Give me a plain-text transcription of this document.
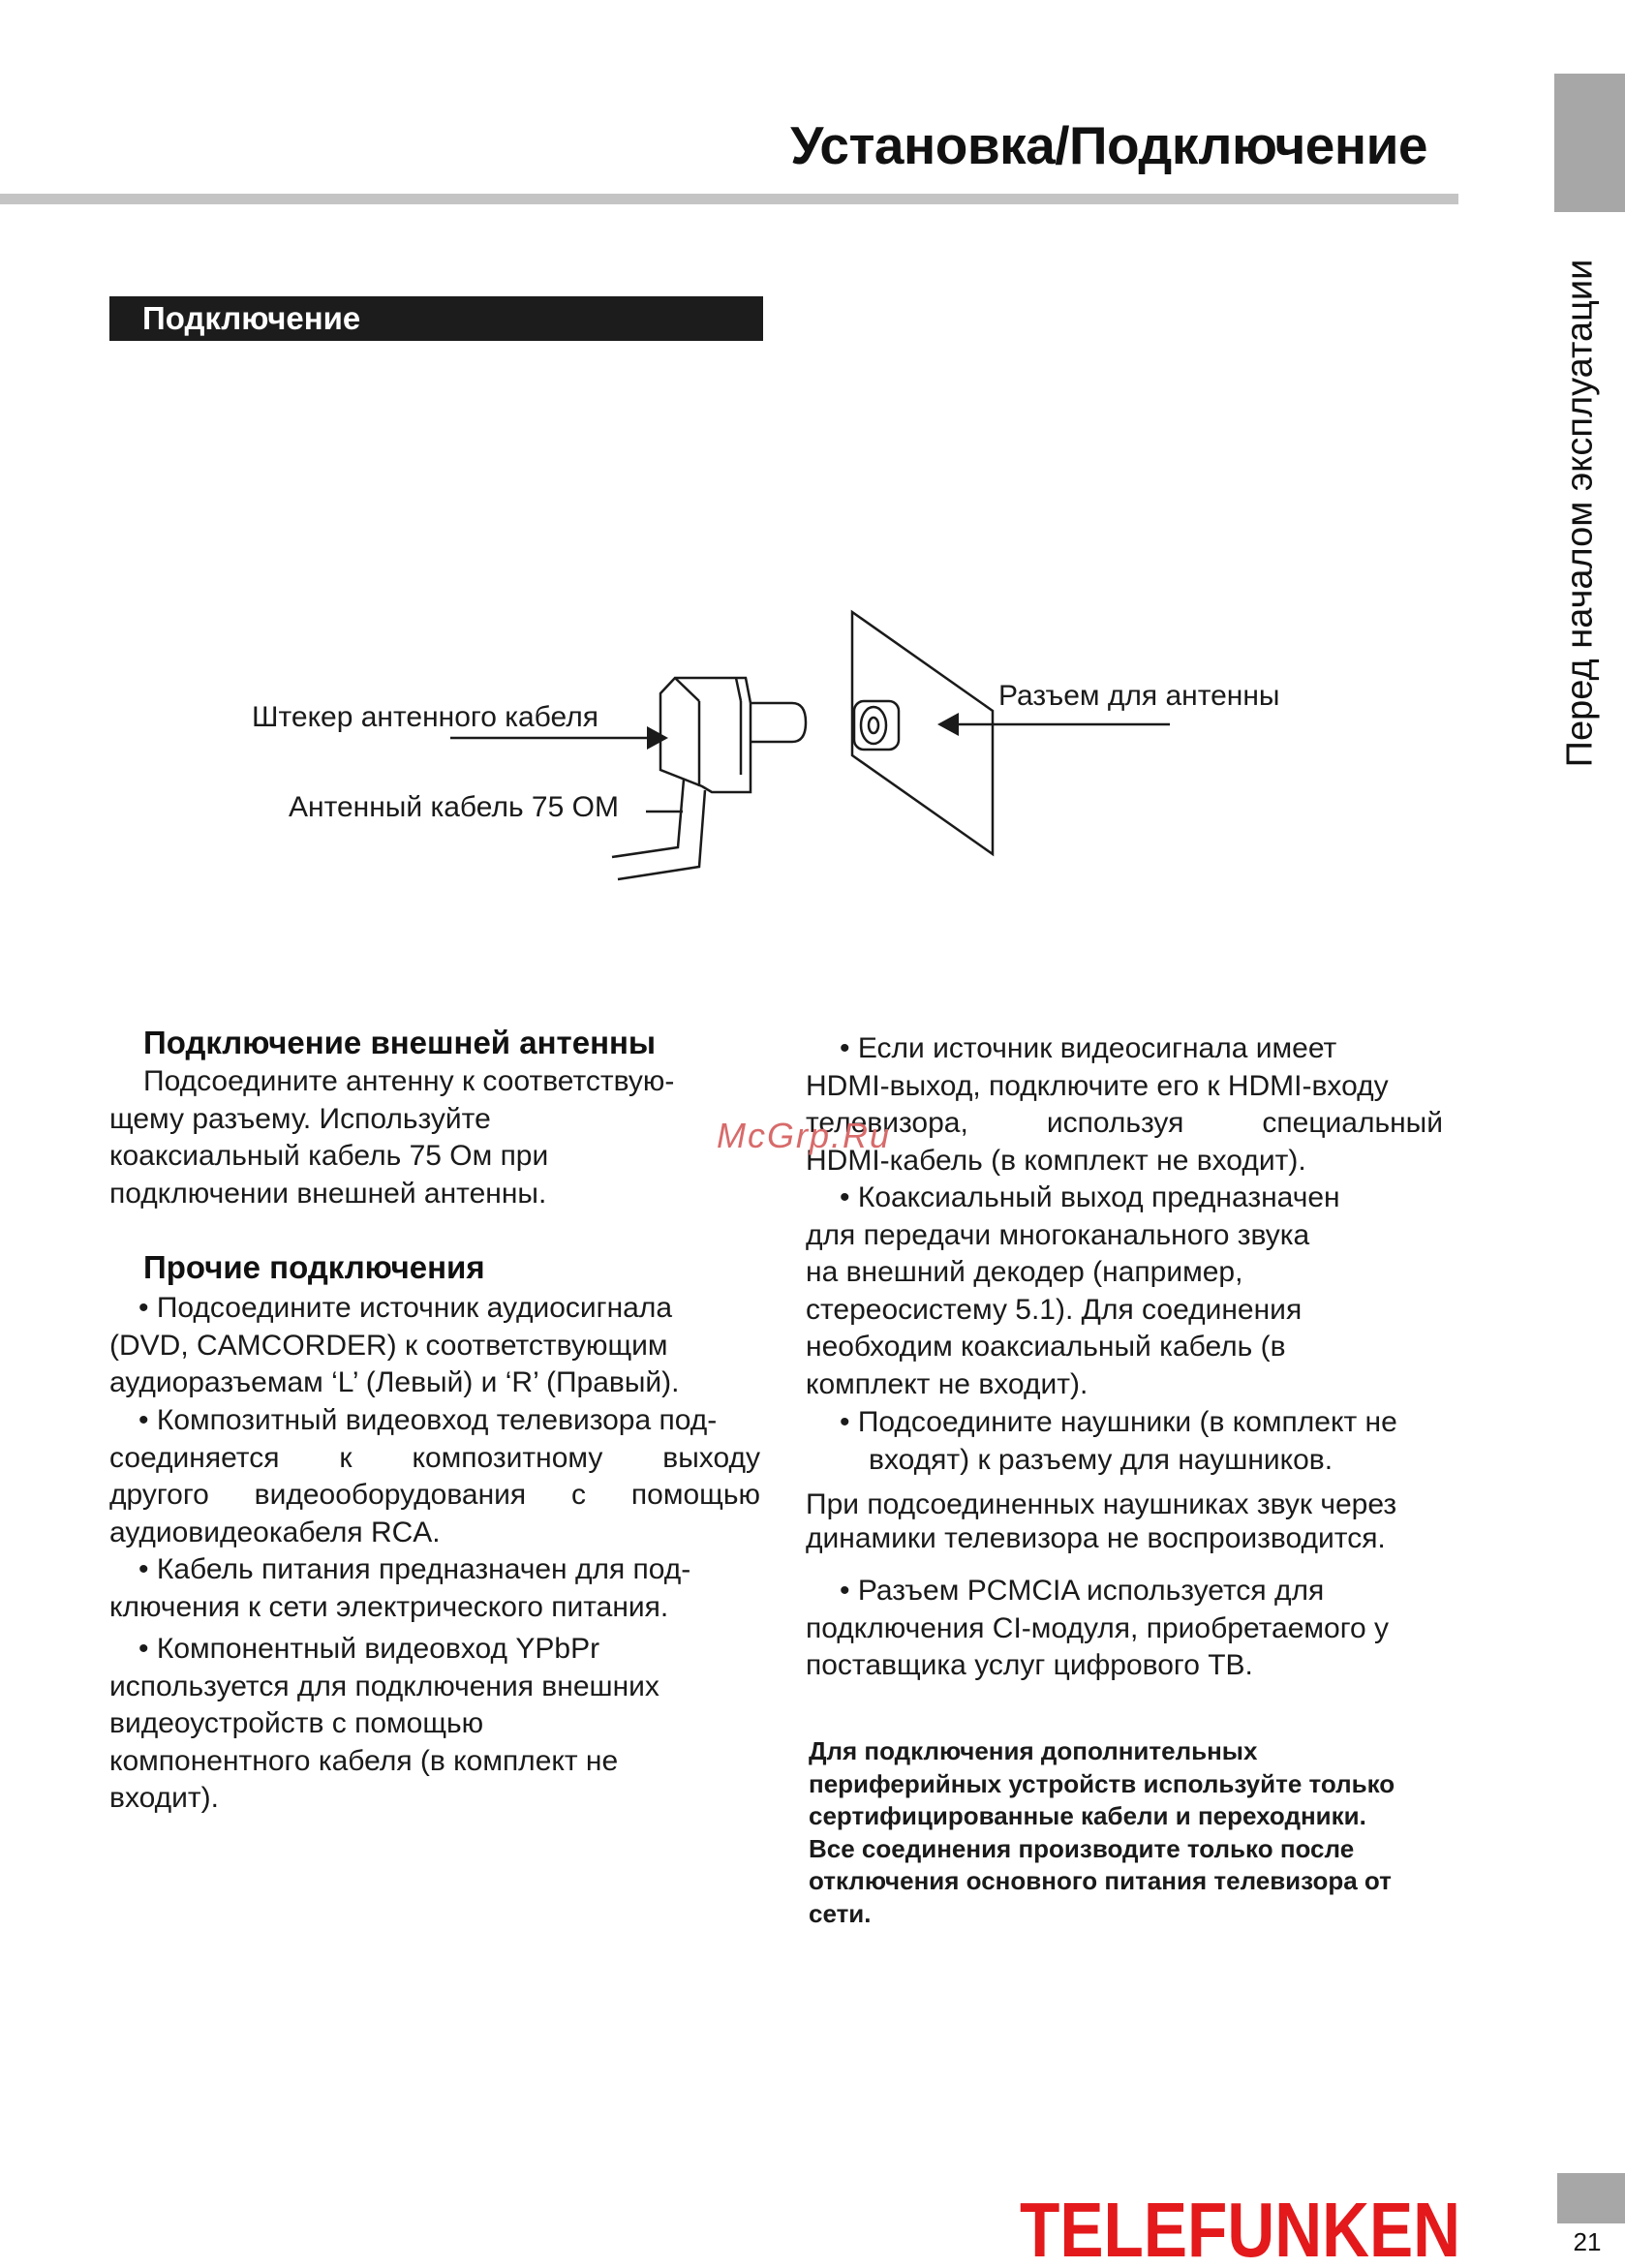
Установка/Подключение
Перед началом эксплуатации
Подключение
Штекер антенного кабеля
Антенный кабель 75 ОМ
Разъем для антенны
Подключение внешней антенны

Подсоедините антенну к соответствую-

щему разъему. Используйте

коаксиальный кабель 75 Ом при

подключении внешней антенны.

Прочие подключения

• Подсоедините источник аудиосигнала

(DVD, CAMCORDER) к соответствующим

аудиоразъемам ‘L’ (Левый) и ‘R’ (Правый).

• Композитный видеовход телевизора под-

соединяется к композитному выходу

другого видеооборудования с помощью

аудиовидеокабеля RCA.

• Кабель питания предназначен для под-

ключения к сети электрического питания.

• Компонентный видеовход YPbPr

используется для подключения внешних

видеоустройств с помощью

компонентного кабеля (в комплект не

входит).

• Если источник видеосигнала имеет

HDMI-выход, подключите его к HDMI-входу

телевизора, используя специальный

HDMI-кабель (в комплект не входит).

• Коаксиальный выход предназначен

для передачи многоканального звука

на внешний декодер (например,

стереосистему 5.1). Для соединения

необходим коаксиальный кабель (в

комплект не входит).

• Подсоедините наушники (в комплект не

входят) к разъему для наушников.

При подсоединенных наушниках звук через

динамики телевизора не воспроизводится.

• Разъем PCMCIA используется для

подключения CI-модуля, приобретаемого у

поставщика услуг цифрового ТВ.

Для подключения дополнительных
периферийных устройств используйте только
сертифицированные кабели и переходники.
Все соединения производите только после
отключения основного питания телевизора от
сети.
McGrp.Ru
TELEFUNKEN	21
